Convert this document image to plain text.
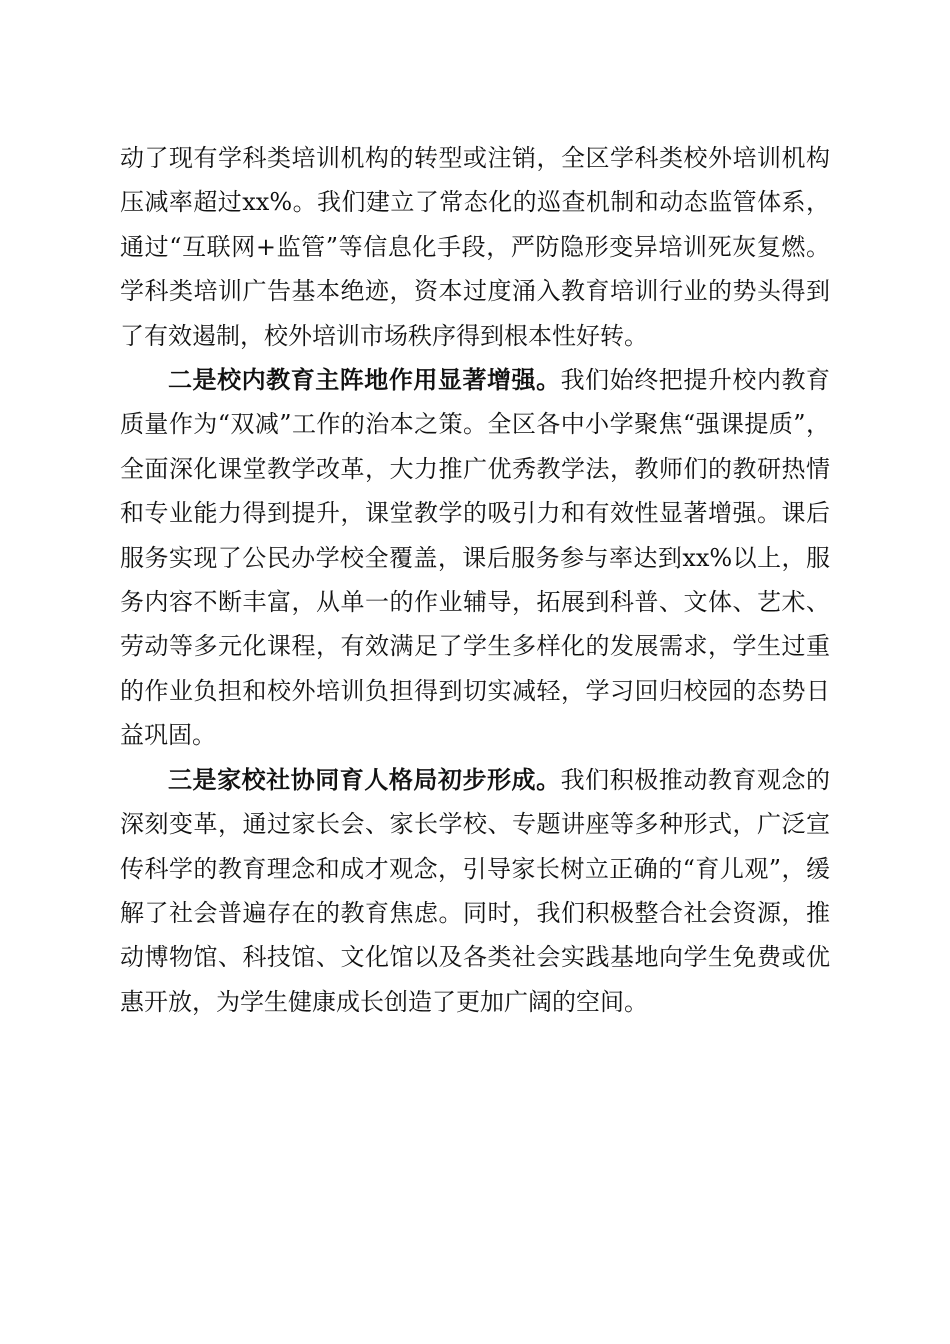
动了现有学科类培训机构的转型或注销，全区学科类校外培训机构压减率超过xx%。我们建立了常态化的巡查机制和动态监管体系，通过“互联网+监管”等信息化手段，严防隐形变异培训死灰复燃。学科类培训广告基本绝迹，资本过度涌入教育培训行业的势头得到了有效遏制，校外培训市场秩序得到根本性好转。

二是校内教育主阵地作用显著增强。我们始终把提升校内教育质量作为“双减”工作的治本之策。全区各中小学聚焦“强课提质”，全面深化课堂教学改革，大力推广优秀教学法，教师们的教研热情和专业能力得到提升，课堂教学的吸引力和有效性显著增强。课后服务实现了公民办学校全覆盖，课后服务参与率达到xx%以上，服务内容不断丰富，从单一的作业辅导，拓展到科普、文体、艺术、劳动等多元化课程，有效满足了学生多样化的发展需求，学生过重的作业负担和校外培训负担得到切实减轻，学习回归校园的态势日益巩固。

三是家校社协同育人格局初步形成。我们积极推动教育观念的深刻变革，通过家长会、家长学校、专题讲座等多种形式，广泛宣传科学的教育理念和成才观念，引导家长树立正确的“育儿观”，缓解了社会普遍存在的教育焦虑。同时，我们积极整合社会资源，推动博物馆、科技馆、文化馆以及各类社会实践基地向学生免费或优惠开放，为学生健康成长创造了更加广阔的空间。
